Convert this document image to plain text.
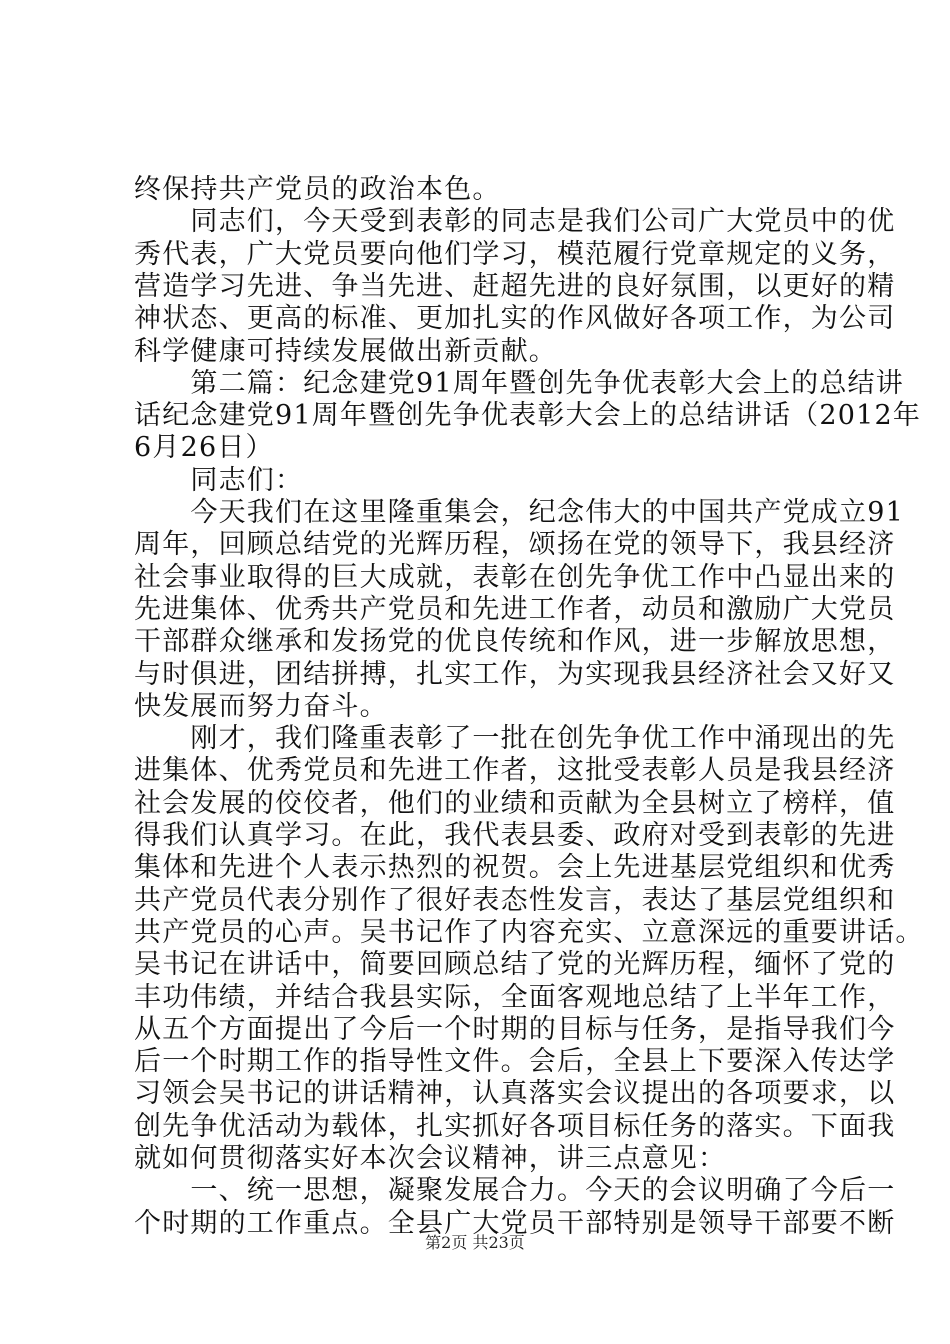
终保持共产党员的政治本色。
　　同志们，今天受到表彰的同志是我们公司广大党员中的优
秀代表，广大党员要向他们学习，模范履行党章规定的义务，
营造学习先进、争当先进、赶超先进的良好氛围，以更好的精
神状态、更高的标准、更加扎实的作风做好各项工作，为公司
科学健康可持续发展做出新贡献。
　　第二篇：纪念建党91周年暨创先争优表彰大会上的总结讲
话纪念建党91周年暨创先争优表彰大会上的总结讲话（2012年
6月26日）
　　同志们：
　　今天我们在这里隆重集会，纪念伟大的中国共产党成立91
周年，回顾总结党的光辉历程，颂扬在党的领导下，我县经济
社会事业取得的巨大成就，表彰在创先争优工作中凸显出来的
先进集体、优秀共产党员和先进工作者，动员和激励广大党员
干部群众继承和发扬党的优良传统和作风，进一步解放思想，
与时俱进，团结拼搏，扎实工作，为实现我县经济社会又好又
快发展而努力奋斗。
　　刚才，我们隆重表彰了一批在创先争优工作中涌现出的先
进集体、优秀党员和先进工作者，这批受表彰人员是我县经济
社会发展的佼佼者，他们的业绩和贡献为全县树立了榜样，值
得我们认真学习。在此，我代表县委、政府对受到表彰的先进
集体和先进个人表示热烈的祝贺。会上先进基层党组织和优秀
共产党员代表分别作了很好表态性发言，表达了基层党组织和
共产党员的心声。吴书记作了内容充实、立意深远的重要讲话。
吴书记在讲话中，简要回顾总结了党的光辉历程，缅怀了党的
丰功伟绩，并结合我县实际，全面客观地总结了上半年工作，
从五个方面提出了今后一个时期的目标与任务，是指导我们今
后一个时期工作的指导性文件。会后，全县上下要深入传达学
习领会吴书记的讲话精神，认真落实会议提出的各项要求，以
创先争优活动为载体，扎实抓好各项目标任务的落实。下面我
就如何贯彻落实好本次会议精神，讲三点意见：
　　一、统一思想，凝聚发展合力。今天的会议明确了今后一
个时期的工作重点。全县广大党员干部特别是领导干部要不断
第2页 共23页
